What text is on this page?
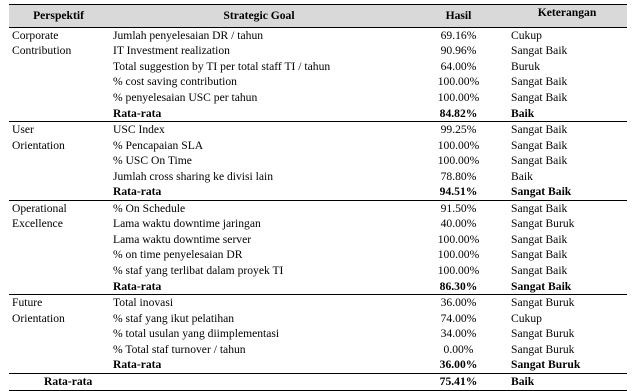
Perspektif	Strategic Goal	Hasil	Keterangan
Corporate	Jumlah penyelesaian DR / tahun	69.16%	Cukup
Contribution	IT Investment realization	90.96%	Sangat Baik
	Total suggestion by TI per total staff TI / tahun	64.00%	Buruk
	% cost saving contribution	100.00%	Sangat Baik
	% penyelesaian USC per tahun	100.00%	Sangat Baik
	Rata-rata	84.82%	Baik
User	USC Index	99.25%	Sangat Baik
Orientation	% Pencapaian SLA	100.00%	Sangat Baik
	% USC On Time	100.00%	Sangat Baik
	Jumlah cross sharing ke divisi lain	78.80%	Baik
	Rata-rata	94.51%	Sangat Baik
Operational	% On Schedule	91.50%	Sangat Baik
Excellence	Lama waktu downtime jaringan	40.00%	Sangat Buruk
	Lama waktu downtime server	100.00%	Sangat Baik
	% on time penyelesaian DR	100.00%	Sangat Baik
	% staf yang terlibat dalam proyek TI	100.00%	Sangat Baik
	Rata-rata	86.30%	Sangat Baik
Future	Total inovasi	36.00%	Sangat Buruk
Orientation	% staf yang ikut pelatihan	74.00%	Cukup
	% total usulan yang diimplementasi	34.00%	Sangat Buruk
	% Total staf turnover / tahun	0.00%	Sangat Buruk
	Rata-rata	36.00%	Sangat Buruk
Rata-rata		75.41%	Baik
